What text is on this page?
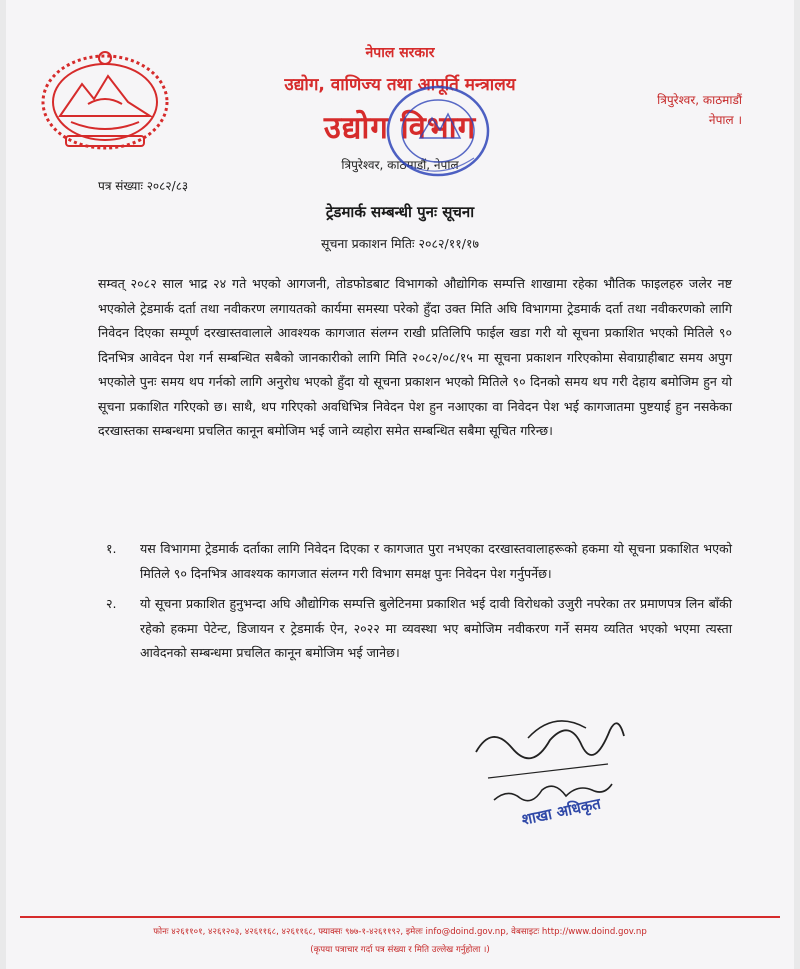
नेपाल सरकार
उद्योग, वाणिज्य तथा आपूर्ति मन्त्रालय
उद्योग विभाग
त्रिपुरेश्वर, काठमाडौं, नेपाल
त्रिपुरेश्वर, काठमाडौं
नेपाल ।
पत्र संख्याः २०८२/८३
ट्रेडमार्क सम्बन्धी पुनः सूचना
सूचना प्रकाशन मितिः २०८२/११/१७
सम्वत् २०८२ साल भाद्र २४ गते भएको आगजनी, तोडफोडबाट विभागको औद्योगिक सम्पत्ति शाखामा रहेका भौतिक फाइलहरु जलेर नष्ट भएकोले ट्रेडमार्क दर्ता तथा नवीकरण लगायतको कार्यमा समस्या परेको हुँदा उक्त मिति अघि विभागमा ट्रेडमार्क दर्ता तथा नवीकरणको लागि निवेदन दिएका सम्पूर्ण दरखास्तवालाले आवश्यक कागजात संलग्न राखी प्रतिलिपि फाईल खडा गरी यो सूचना प्रकाशित भएको मितिले ९० दिनभित्र आवेदन पेश गर्न सम्बन्धित सबैको जानकारीको लागि मिति २०८२/०८/१५ मा सूचना प्रकाशन गरिएकोमा सेवाग्राहीबाट समय अपुग भएकोले पुनः समय थप गर्नको लागि अनुरोध भएको हुँदा यो सूचना प्रकाशन भएको मितिले ९० दिनको समय थप गरी देहाय बमोजिम हुन यो सूचना प्रकाशित गरिएको छ। साथै, थप गरिएको अवधिभित्र निवेदन पेश हुन नआएका वा निवेदन पेश भई कागजातमा पुष्टयाई हुन नसकेका दरखास्तका सम्बन्धमा प्रचलित कानून बमोजिम भई जाने व्यहोरा समेत सम्बन्धित सबैमा सूचित गरिन्छ।
१.	यस विभागमा ट्रेडमार्क दर्ताका लागि निवेदन दिएका र कागजात पुरा नभएका दरखास्तवालाहरूको हकमा यो सूचना प्रकाशित भएको मितिले ९० दिनभित्र आवश्यक कागजात संलग्न गरी विभाग समक्ष पुनः निवेदन पेश गर्नुपर्नेछ।
२.	यो सूचना प्रकाशित हुनुभन्दा अघि औद्योगिक सम्पत्ति बुलेटिनमा प्रकाशित भई दावी विरोधको उजुरी नपरेका तर प्रमाणपत्र लिन बाँकी रहेको हकमा पेटेन्ट, डिजायन र ट्रेडमार्क ऐन, २०२२ मा व्यवस्था भए बमोजिम नवीकरण गर्ने समय व्यतित भएको भएमा त्यस्ता आवेदनको सम्बन्धमा प्रचलित कानून बमोजिम भई जानेछ।
शाखा अधिकृत
फोनः ४२६११०१, ४२६१२०३, ४२६११६८, ४२६११६८, फ्याक्सः ९७७-१-४२६११९२, इमेलः info@doind.gov.np, वेबसाइटः http://www.doind.gov.np
(कृपया पत्राचार गर्दा पत्र संख्या र मिति उल्लेख गर्नुहोला ।)
